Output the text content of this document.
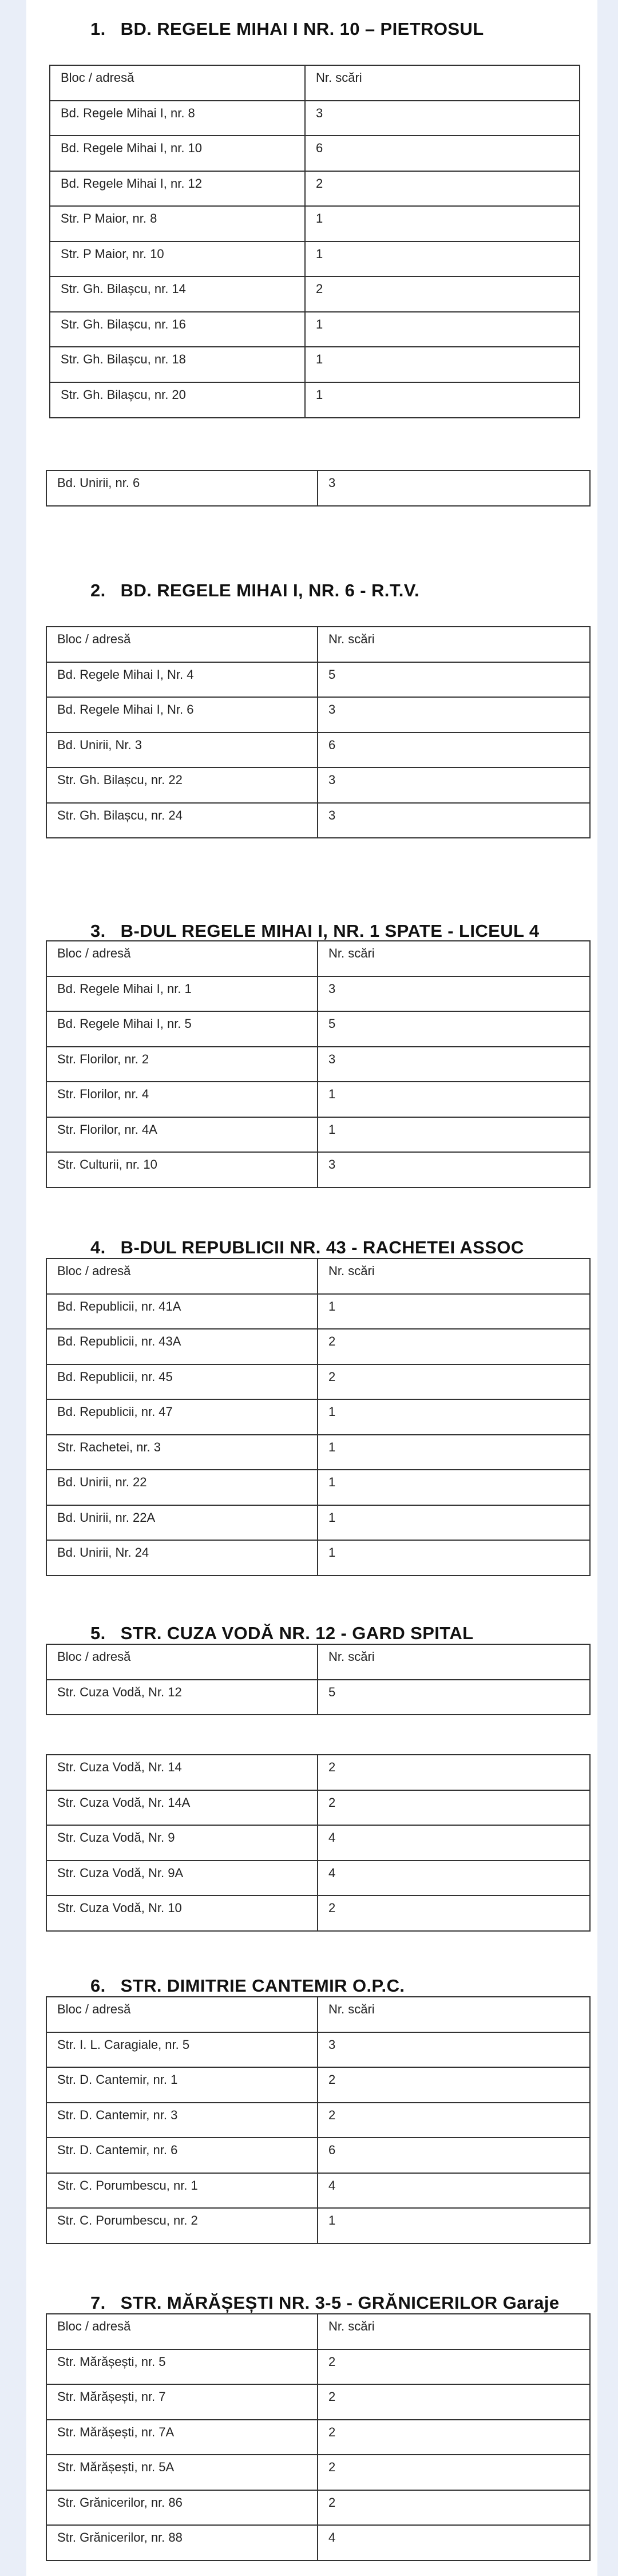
1. BD. REGELE MIHAI I NR. 10 – PIETROSUL
Bloc / adresă	Nr. scări
Bd. Regele Mihai I, nr. 8	3
Bd. Regele Mihai I, nr. 10	6
Bd. Regele Mihai I, nr. 12	2
Str. P Maior, nr. 8	1
Str. P Maior, nr. 10	1
Str. Gh. Bilașcu, nr. 14	2
Str. Gh. Bilașcu, nr. 16	1
Str. Gh. Bilașcu, nr. 18	1
Str. Gh. Bilașcu, nr. 20	1
Bd. Unirii, nr. 6	3
2. BD. REGELE MIHAI I, NR. 6 - R.T.V.
Bloc / adresă	Nr. scări
Bd. Regele Mihai I, Nr. 4	5
Bd. Regele Mihai I, Nr. 6	3
Bd. Unirii, Nr. 3	6
Str. Gh. Bilașcu, nr. 22	3
Str. Gh. Bilașcu, nr. 24	3
3. B-DUL REGELE MIHAI I, NR. 1 SPATE - LICEUL 4
Bloc / adresă	Nr. scări
Bd. Regele Mihai I, nr. 1	3
Bd. Regele Mihai I, nr. 5	5
Str. Florilor, nr. 2	3
Str. Florilor, nr. 4	1
Str. Florilor, nr. 4A	1
Str. Culturii, nr. 10	3
4. B-DUL REPUBLICII NR. 43 - RACHETEI ASSOC
Bloc / adresă	Nr. scări
Bd. Republicii, nr. 41A	1
Bd. Republicii, nr. 43A	2
Bd. Republicii, nr. 45	2
Bd. Republicii, nr. 47	1
Str. Rachetei, nr. 3	1
Bd. Unirii, nr. 22	1
Bd. Unirii, nr. 22A	1
Bd. Unirii, Nr. 24	1
5. STR. CUZA VODĂ NR. 12 - GARD SPITAL
Bloc / adresă	Nr. scări
Str. Cuza Vodă, Nr. 12	5
Str. Cuza Vodă, Nr. 14	2
Str. Cuza Vodă, Nr. 14A	2
Str. Cuza Vodă, Nr. 9	4
Str. Cuza Vodă, Nr. 9A	4
Str. Cuza Vodă, Nr. 10	2
6. STR. DIMITRIE CANTEMIR O.P.C.
Bloc / adresă	Nr. scări
Str. I. L. Caragiale, nr. 5	3
Str. D. Cantemir, nr. 1	2
Str. D. Cantemir, nr. 3	2
Str. D. Cantemir, nr. 6	6
Str. C. Porumbescu, nr. 1	4
Str. C. Porumbescu, nr. 2	1
7. STR. MĂRĂȘEȘTI NR. 3-5 - GRĂNICERILOR Garaje
Bloc / adresă	Nr. scări
Str. Mărășești, nr. 5	2
Str. Mărășești, nr. 7	2
Str. Mărășești, nr. 7A	2
Str. Mărășești, nr. 5A	2
Str. Grănicerilor, nr. 86	2
Str. Grănicerilor, nr. 88	4
